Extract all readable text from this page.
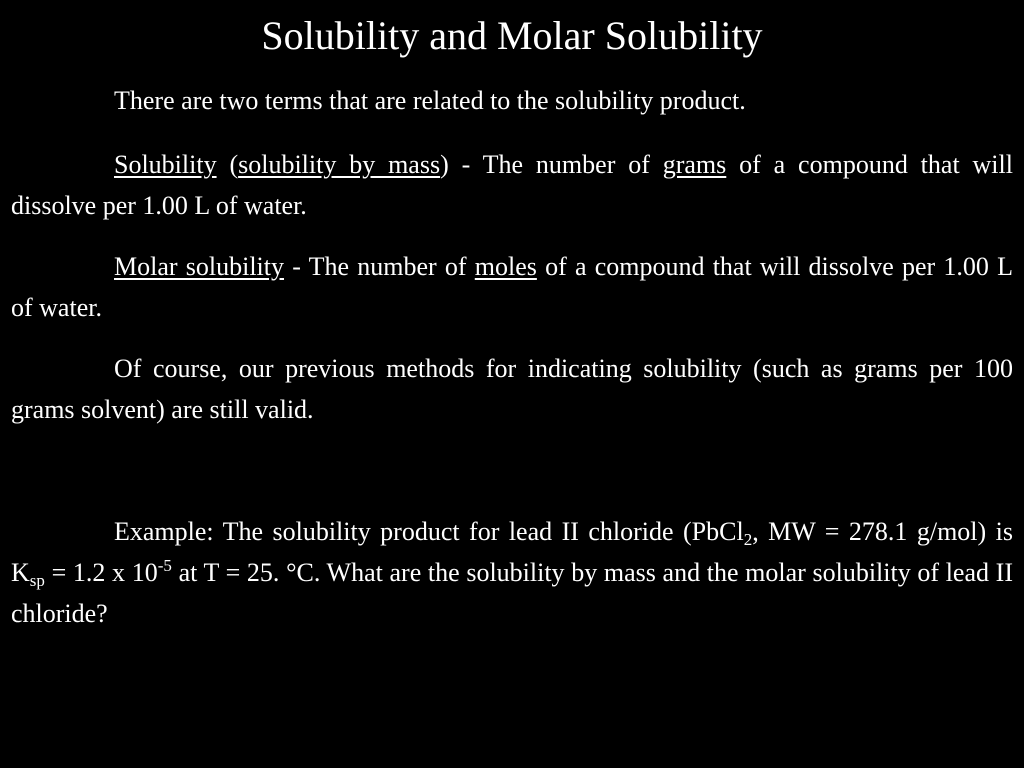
Solubility and Molar Solubility

There are two terms that are related to the solubility product.

Solubility (solubility by mass) - The number of grams of a compound that will dissolve per 1.00 L of water.

Molar solubility - The number of moles of a compound that will dissolve per 1.00 L of water.

Of course, our previous methods for indicating solubility (such as grams per 100 grams solvent) are still valid.

Example: The solubility product for lead II chloride (PbCl$_2$, MW = 278.1 g/mol) is $K_{sp} = 1.2$ x $10^{-5}$ at T = 25. °C. What are the solubility by mass and the molar solubility of lead II chloride?
